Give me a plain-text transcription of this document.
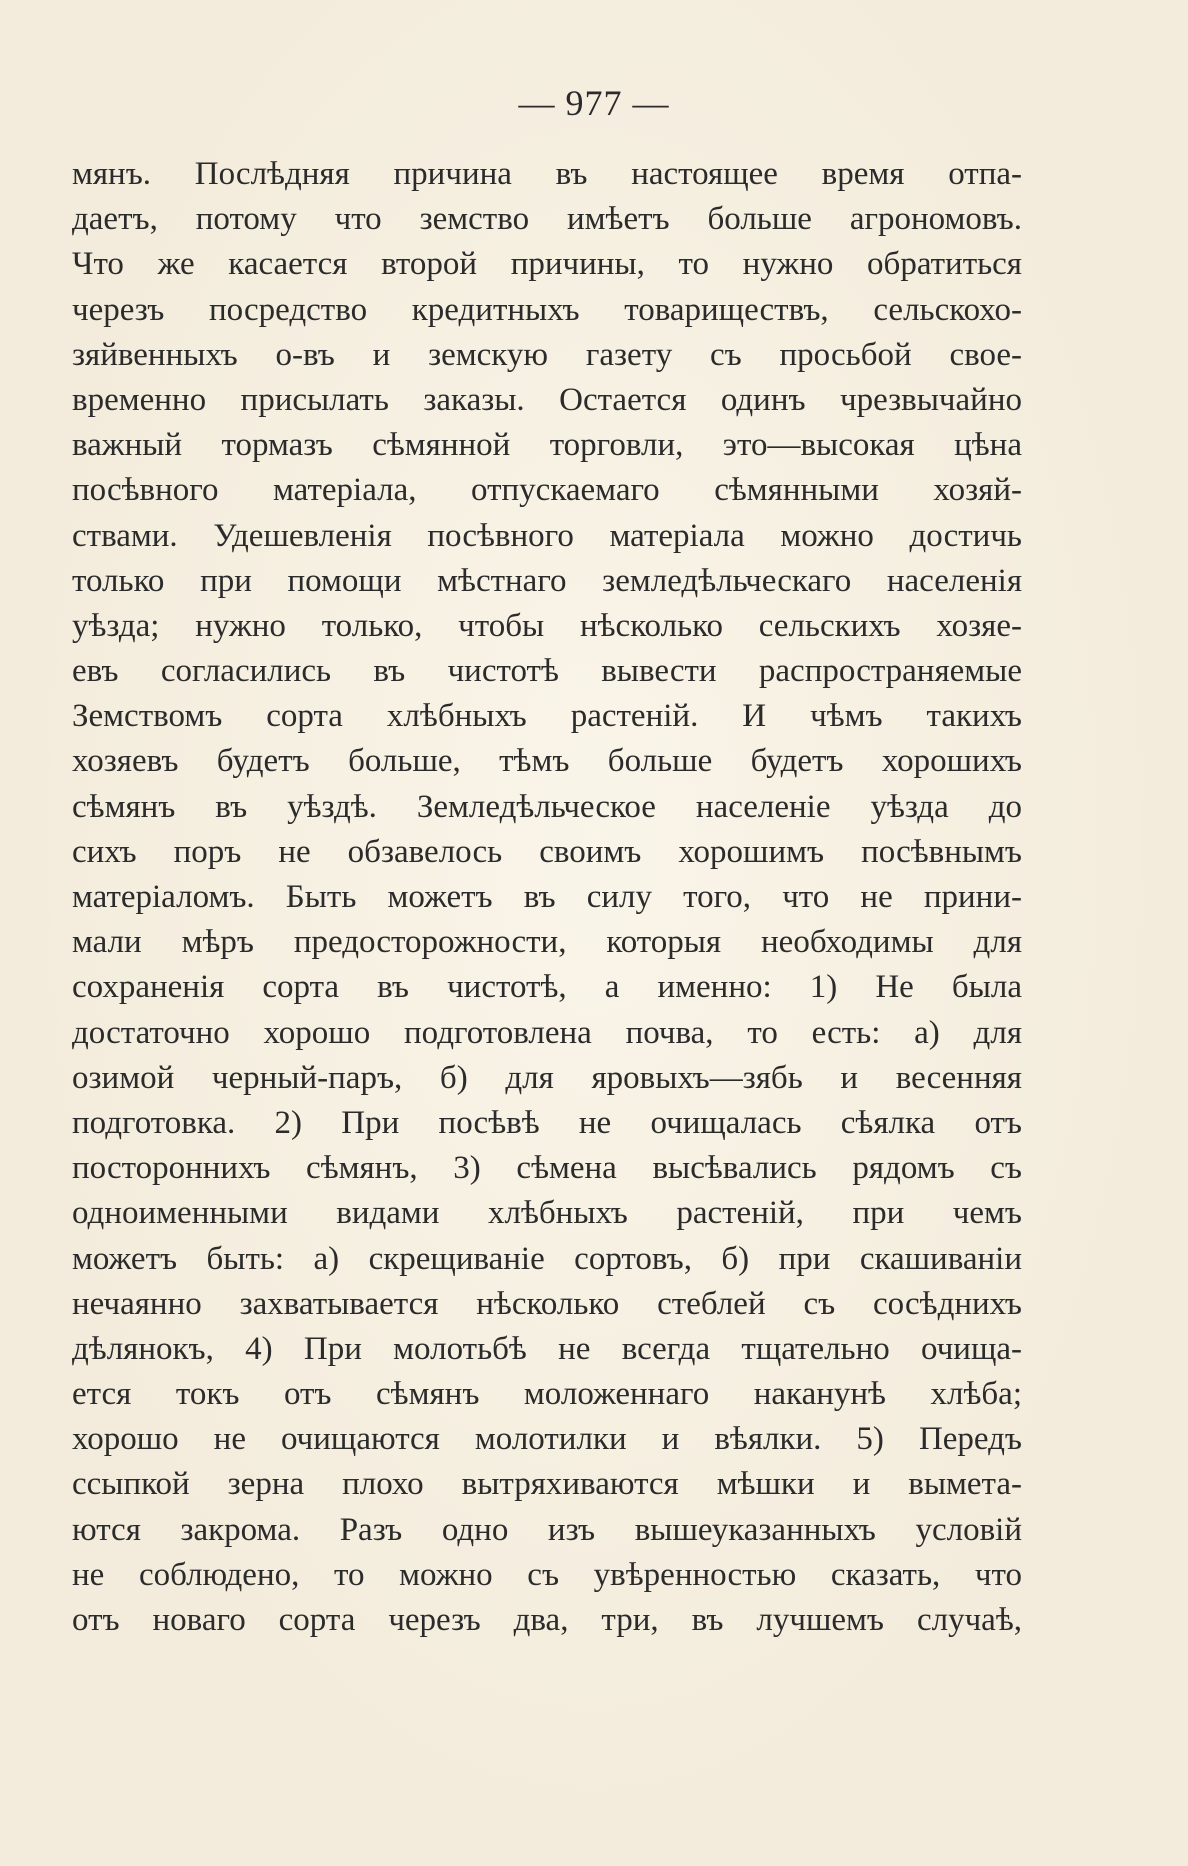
— 977 —
мянъ. Послѣдняя причина въ настоящее время отпа-
даетъ, потому что земство имѣетъ больше агрономовъ.
Что же касается второй причины, то нужно обратиться
черезъ посредство кредитныхъ товариществъ, сельскохо-
зяйвенныхъ о-въ и земскую газету съ просьбой свое-
временно присылать заказы. Остается одинъ чрезвычайно
важный тормазъ сѣмянной торговли, это—высокая цѣна
посѣвного матеріала, отпускаемаго сѣмянными хозяй-
ствами. Удешевленія посѣвного матеріала можно достичь
только при помощи мѣстнаго земледѣльческаго населенія
уѣзда; нужно только, чтобы нѣсколько сельскихъ хозяе-
евъ согласились въ чистотѣ вывести распространяемые
Земствомъ сорта хлѣбныхъ растеній. И чѣмъ такихъ
хозяевъ будетъ больше, тѣмъ больше будетъ хорошихъ
сѣмянъ въ уѣздѣ. Земледѣльческое населеніе уѣзда до
сихъ поръ не обзавелось своимъ хорошимъ посѣвнымъ
матеріаломъ. Быть можетъ въ силу того, что не прини-
мали мѣръ предосторожности, которыя необходимы для
сохраненія сорта въ чистотѣ, а именно: 1) Не была
достаточно хорошо подготовлена почва, то есть: а) для
озимой черный-паръ, б) для яровыхъ—зябь и весенняя
подготовка. 2) При посѣвѣ не очищалась сѣялка отъ
постороннихъ сѣмянъ, 3) сѣмена высѣвались рядомъ съ
одноименными видами хлѣбныхъ растеній, при чемъ
можетъ быть: а) скрещиваніе сортовъ, б) при скашиваніи
нечаянно захватывается нѣсколько стеблей съ сосѣднихъ
дѣлянокъ, 4) При молотьбѣ не всегда тщательно очища-
ется токъ отъ сѣмянъ моложеннаго наканунѣ хлѣба;
хорошо не очищаются молотилки и вѣялки. 5) Передъ
ссыпкой зерна плохо вытряхиваются мѣшки и вымета-
ются закрома. Разъ одно изъ вышеуказанныхъ условій
не соблюдено, то можно съ увѣренностью сказать, что
отъ новаго сорта черезъ два, три, въ лучшемъ случаѣ,
